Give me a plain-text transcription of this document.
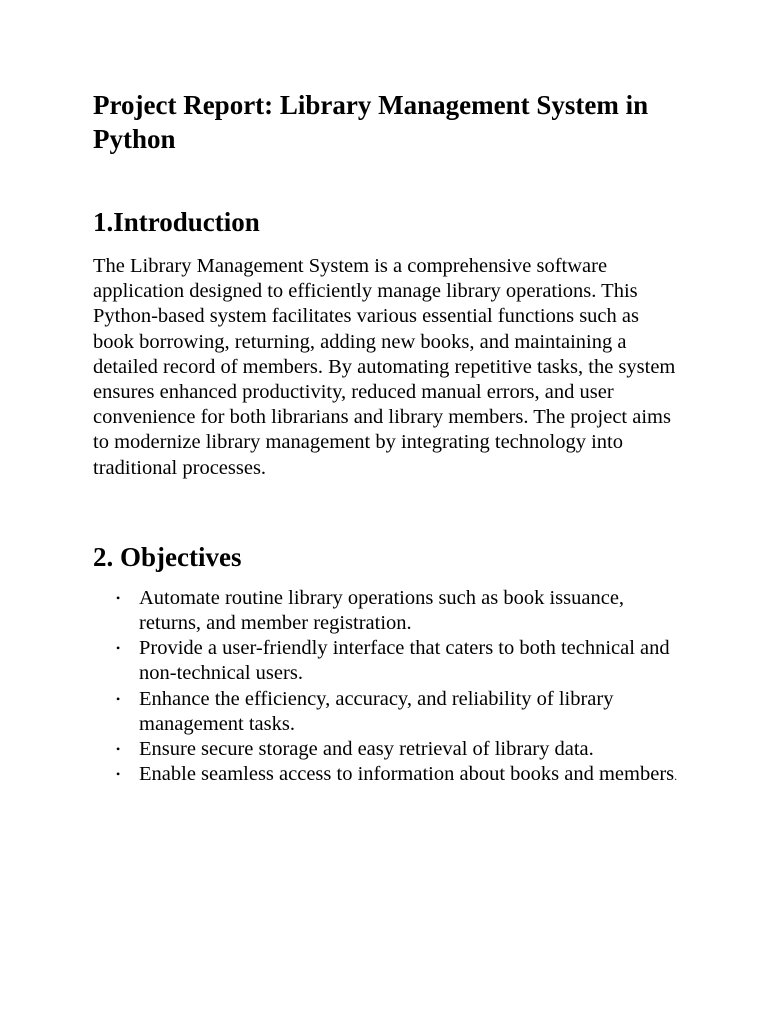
Project Report: Library Management System in Python
1.Introduction

The Library Management System is a comprehensive software application designed to efficiently manage library operations. This Python-based system facilitates various essential functions such as book borrowing, returning, adding new books, and maintaining a detailed record of members. By automating repetitive tasks, the system ensures enhanced productivity, reduced manual errors, and user convenience for both librarians and library members. The project aims to modernize library management by integrating technology into traditional processes.

2. Objectives
• Automate routine library operations such as book issuance, returns, and member registration.
• Provide a user-friendly interface that caters to both technical and non-technical users.
• Enhance the efficiency, accuracy, and reliability of library management tasks.
• Ensure secure storage and easy retrieval of library data.
• Enable seamless access to information about books and members.
